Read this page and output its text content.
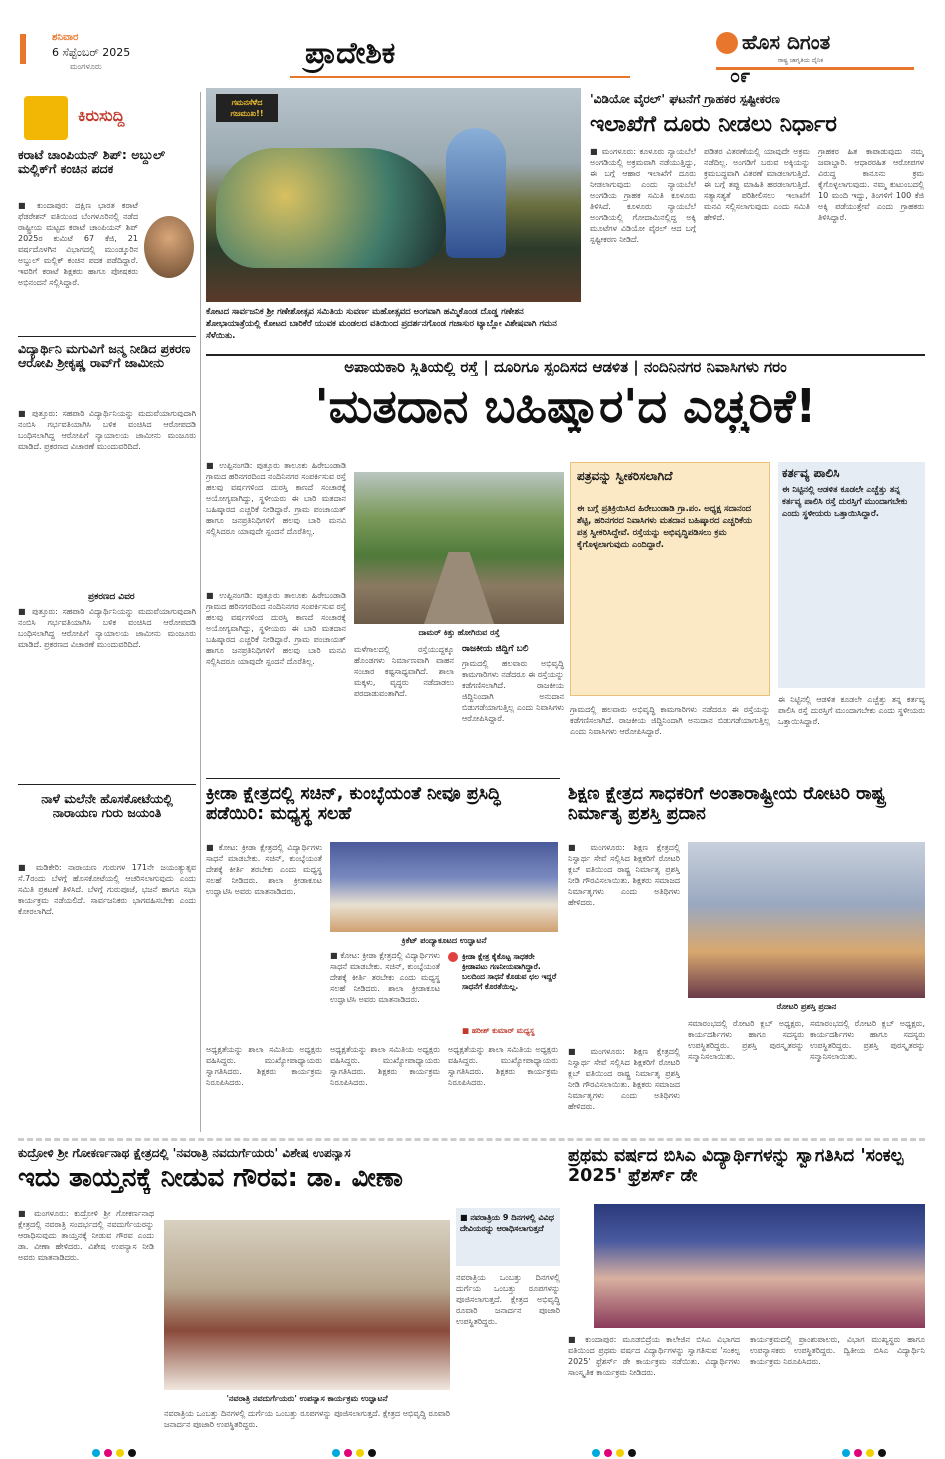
ಶನಿವಾರ
6 ಸೆಪ್ಟೆಂಬರ್ 2025
ಮಂಗಳೂರು	ಪ್ರಾದೇಶಿಕ	ಹೊಸ ದಿಗಂತ
ರಾಷ್ಟ್ರ ಜಾಗೃತಿಯ ದೈನಿಕ
೦೯
ಕಿರುಸುದ್ದಿ
ಕರಾಟೆ ಚಾಂಪಿಯನ್ ಶಿಪ್: ಅಬ್ದುಲ್ ಮಲ್ಲಿಕ್‌ಗೆ ಕಂಚಿನ ಪದಕ
■ ಕುಂದಾಪುರ: ದಕ್ಷಿಣ ಭಾರತ ಕರಾಟೆ ಫೆಡರೇಶನ್ ವತಿಯಿಂದ ಬೆಂಗಳೂರಿನಲ್ಲಿ ನಡೆದ ರಾಷ್ಟ್ರೀಯ ಮಟ್ಟದ ಕರಾಟೆ ಚಾಂಪಿಯನ್ ಶಿಪ್ 2025ರ ಕುಮಿಟೆ 67 ಕೆಜಿ, 21 ವರ್ಷದೊಳಗಿನ ವಿಭಾಗದಲ್ಲಿ ಮುಂಡ್ಕೂರಿನ ಅಬ್ದುಲ್ ಮಲ್ಲಿಕ್ ಕಂಚಿನ ಪದಕ ಪಡೆದಿದ್ದಾರೆ. ಇವರಿಗೆ ಕರಾಟೆ ಶಿಕ್ಷಕರು ಹಾಗೂ ಪೋಷಕರು ಅಭಿನಂದನೆ ಸಲ್ಲಿಸಿದ್ದಾರೆ.
ವಿದ್ಯಾರ್ಥಿನಿ ಮಗುವಿಗೆ ಜನ್ಮ ನೀಡಿದ ಪ್ರಕರಣ ಆರೋಪಿ ಶ್ರೀಕೃಷ್ಣ ರಾವ್‌ಗೆ ಜಾಮೀನು
■ ಪುತ್ತೂರು: ಸಹಪಾಠಿ ವಿದ್ಯಾರ್ಥಿನಿಯನ್ನು ಮದುವೆಯಾಗುವುದಾಗಿ ನಂಬಿಸಿ ಗರ್ಭವತಿಯಾಗಿಸಿ ಬಳಿಕ ವಂಚಿಸಿದ ಆರೋಪದಡಿ ಬಂಧಿಸಲಾಗಿದ್ದ ಆರೋಪಿಗೆ ನ್ಯಾಯಾಲಯ ಜಾಮೀನು ಮಂಜೂರು ಮಾಡಿದೆ. ಪ್ರಕರಣದ ವಿಚಾರಣೆ ಮುಂದುವರಿದಿದೆ.
ಪ್ರಕರಣದ ವಿವರ
■ ಪುತ್ತೂರು: ಸಹಪಾಠಿ ವಿದ್ಯಾರ್ಥಿನಿಯನ್ನು ಮದುವೆಯಾಗುವುದಾಗಿ ನಂಬಿಸಿ ಗರ್ಭವತಿಯಾಗಿಸಿ ಬಳಿಕ ವಂಚಿಸಿದ ಆರೋಪದಡಿ ಬಂಧಿಸಲಾಗಿದ್ದ ಆರೋಪಿಗೆ ನ್ಯಾಯಾಲಯ ಜಾಮೀನು ಮಂಜೂರು ಮಾಡಿದೆ. ಪ್ರಕರಣದ ವಿಚಾರಣೆ ಮುಂದುವರಿದಿದೆ.
ನಾಳೆ ಮಲೆನೇ ಹೊಸಕೋಟೆಯಲ್ಲಿ ನಾರಾಯಣ ಗುರು ಜಯಂತಿ
■ ಮಡಿಕೇರಿ: ನಾರಾಯಣ ಗುರುಗಳ 171ನೇ ಜಯಂತ್ಯುತ್ಸವ ಸೆ.7ರಂದು ಬೆಳಗ್ಗೆ ಹೊಸಕೋಟೆಯಲ್ಲಿ ಆಚರಿಸಲಾಗುವುದು ಎಂದು ಸಮಿತಿ ಪ್ರಕಟಣೆ ತಿಳಿಸಿದೆ. ಬೆಳಗ್ಗೆ ಗುರುಪೂಜೆ, ಭಜನೆ ಹಾಗೂ ಸಭಾ ಕಾರ್ಯಕ್ರಮ ನಡೆಯಲಿದೆ. ಸಾರ್ವಜನಿಕರು ಭಾಗವಹಿಸಬೇಕು ಎಂದು ಕೋರಲಾಗಿದೆ.
ಗಮನಸೆಳೆದ ಗಜಮುಖ!!
ಕೋಟದ ಸಾರ್ವಜನಿಕ ಶ್ರೀ ಗಣೇಶೋತ್ಸವ ಸಮಿತಿಯ ಸುವರ್ಣ ಮಹೋತ್ಸವದ ಅಂಗವಾಗಿ ಹಮ್ಮಿಕೊಂಡ ದೊಡ್ಡ ಗಣೇಶನ ಶೋಭಾಯಾತ್ರೆಯಲ್ಲಿ ಕೋಟದ ಬಾರಿಕೆರೆ ಯುವಕ ಮಂಡಲದ ವತಿಯಿಂದ ಪ್ರದರ್ಶನಗೊಂಡ ಗಜಾಸುರ ಟ್ಯಾಬ್ಲೋ ವಿಶೇಷವಾಗಿ ಗಮನ ಸೆಳೆಯಿತು.
'ವಿಡಿಯೋ ವೈರಲ್' ಘಟನೆಗೆ ಗ್ರಾಹಕರ ಸ್ಪಷ್ಟೀಕರಣ
ಇಲಾಖೆಗೆ ದೂರು ನೀಡಲು ನಿರ್ಧಾರ
■ ಮಂಗಳೂರು: ಕೂಳೂರು ನ್ಯಾಯಬೆಲೆ ಅಂಗಡಿಯಲ್ಲಿ ಅಕ್ರಮವಾಗಿ ನಡೆಯುತ್ತಿದ್ದು, ಈ ಬಗ್ಗೆ ಆಹಾರ ಇಲಾಖೆಗೆ ದೂರು ನೀಡಲಾಗುವುದು ಎಂದು ನ್ಯಾಯಬೆಲೆ ಅಂಗಡಿಯ ಗ್ರಾಹಕ ಸಮಿತಿ ಕೂಳೂರು ತಿಳಿಸಿದೆ. ಕೂಳೂರು ನ್ಯಾಯಬೆಲೆ ಅಂಗಡಿಯಲ್ಲಿ ಗೋದಾಮಿನಲ್ಲಿದ್ದ ಅಕ್ಕಿ ಮೂಟೆಗಳ ವಿಡಿಯೋ ವೈರಲ್ ಆದ ಬಗ್ಗೆ ಸ್ಪಷ್ಟೀಕರಣ ನೀಡಿದೆ.
ಪಡಿತರ ವಿತರಣೆಯಲ್ಲಿ ಯಾವುದೇ ಅಕ್ರಮ ನಡೆದಿಲ್ಲ. ಅಂಗಡಿಗೆ ಬರುವ ಅಕ್ಕಿಯನ್ನು ಕ್ರಮಬದ್ಧವಾಗಿ ವಿತರಣೆ ಮಾಡಲಾಗುತ್ತಿದೆ. ಈ ಬಗ್ಗೆ ತಪ್ಪು ಮಾಹಿತಿ ಹರಡಲಾಗುತ್ತಿದೆ. ಸತ್ಯಾಸತ್ಯತೆ ಪರಿಶೀಲಿಸಲು ಇಲಾಖೆಗೆ ಮನವಿ ಸಲ್ಲಿಸಲಾಗುವುದು ಎಂದು ಸಮಿತಿ ಹೇಳಿದೆ.
ಗ್ರಾಹಕರ ಹಿತ ಕಾಪಾಡುವುದು ನಮ್ಮ ಜವಾಬ್ದಾರಿ. ಆಧಾರರಹಿತ ಆರೋಪಗಳ ವಿರುದ್ಧ ಕಾನೂನು ಕ್ರಮ ಕೈಗೊಳ್ಳಲಾಗುವುದು. ನಮ್ಮ ಕುಟುಂಬದಲ್ಲಿ 10 ಮಂದಿ ಇದ್ದು, ತಿಂಗಳಿಗೆ 100 ಕೆಜಿ ಅಕ್ಕಿ ಪಡೆಯುತ್ತೇವೆ ಎಂದು ಗ್ರಾಹಕರು ತಿಳಿಸಿದ್ದಾರೆ.
ಅಪಾಯಕಾರಿ ಸ್ಥಿತಿಯಲ್ಲಿ ರಸ್ತೆ | ದೂರಿಗೂ ಸ್ಪಂದಿಸದ ಆಡಳಿತ | ನಂದಿನಿನಗರ ನಿವಾಸಿಗಳು ಗರಂ
'ಮತದಾನ ಬಹಿಷ್ಕಾರ'ದ ಎಚ್ಚರಿಕೆ!
■ ಉಪ್ಪಿನಂಗಡಿ: ಪುತ್ತೂರು ತಾಲೂಕು ಹಿರೇಬಂಡಾಡಿ ಗ್ರಾಮದ ಹರಿನಗರದಿಂದ ನಂದಿನಿನಗರ ಸಂಪರ್ಕಿಸುವ ರಸ್ತೆ ಹಲವು ವರ್ಷಗಳಿಂದ ದುರಸ್ತಿ ಕಾಣದೆ ಸಂಚಾರಕ್ಕೆ ಅಯೋಗ್ಯವಾಗಿದ್ದು, ಸ್ಥಳೀಯರು ಈ ಬಾರಿ ಮತದಾನ ಬಹಿಷ್ಕಾರದ ಎಚ್ಚರಿಕೆ ನೀಡಿದ್ದಾರೆ. ಗ್ರಾಮ ಪಂಚಾಯತ್ ಹಾಗೂ ಜನಪ್ರತಿನಿಧಿಗಳಿಗೆ ಹಲವು ಬಾರಿ ಮನವಿ ಸಲ್ಲಿಸಿದರೂ ಯಾವುದೇ ಸ್ಪಂದನೆ ದೊರೆತಿಲ್ಲ.
■ ಉಪ್ಪಿನಂಗಡಿ: ಪುತ್ತೂರು ತಾಲೂಕು ಹಿರೇಬಂಡಾಡಿ ಗ್ರಾಮದ ಹರಿನಗರದಿಂದ ನಂದಿನಿನಗರ ಸಂಪರ್ಕಿಸುವ ರಸ್ತೆ ಹಲವು ವರ್ಷಗಳಿಂದ ದುರಸ್ತಿ ಕಾಣದೆ ಸಂಚಾರಕ್ಕೆ ಅಯೋಗ್ಯವಾಗಿದ್ದು, ಸ್ಥಳೀಯರು ಈ ಬಾರಿ ಮತದಾನ ಬಹಿಷ್ಕಾರದ ಎಚ್ಚರಿಕೆ ನೀಡಿದ್ದಾರೆ. ಗ್ರಾಮ ಪಂಚಾಯತ್ ಹಾಗೂ ಜನಪ್ರತಿನಿಧಿಗಳಿಗೆ ಹಲವು ಬಾರಿ ಮನವಿ ಸಲ್ಲಿಸಿದರೂ ಯಾವುದೇ ಸ್ಪಂದನೆ ದೊರೆತಿಲ್ಲ.
ದಾಮರ್ ಕಿತ್ತು ಹೋಗಿರುವ ರಸ್ತೆ
ಮಳೆಗಾಲದಲ್ಲಿ ರಸ್ತೆಯುದ್ದಕ್ಕೂ ಹೊಂಡಗಳು ನಿರ್ಮಾಣವಾಗಿ ವಾಹನ ಸಂಚಾರ ಕಷ್ಟಸಾಧ್ಯವಾಗಿದೆ. ಶಾಲಾ ಮಕ್ಕಳು, ವೃದ್ಧರು ನಡೆದಾಡಲು ಪರದಾಡುವಂತಾಗಿದೆ.
ರಾಜಕೀಯ ಜಿದ್ದಿಗೆ ಬಲಿ
ಗ್ರಾಮದಲ್ಲಿ ಹಲವಾರು ಅಭಿವೃದ್ಧಿ ಕಾಮಗಾರಿಗಳು ನಡೆದರೂ ಈ ರಸ್ತೆಯನ್ನು ಕಡೆಗಣಿಸಲಾಗಿದೆ. ರಾಜಕೀಯ ಜಿದ್ದಿನಿಂದಾಗಿ ಅನುದಾನ ಬಿಡುಗಡೆಯಾಗುತ್ತಿಲ್ಲ ಎಂದು ನಿವಾಸಿಗಳು ಆರೋಪಿಸಿದ್ದಾರೆ.
ಪತ್ರವನ್ನು ಸ್ವೀಕರಿಸಲಾಗಿದೆ
ಈ ಬಗ್ಗೆ ಪ್ರತಿಕ್ರಿಯಿಸಿದ ಹಿರೇಬಂಡಾಡಿ ಗ್ರಾ.ಪಂ. ಅಧ್ಯಕ್ಷ ಸದಾನಂದ ಶೆಟ್ಟಿ, ಹರಿನಗರದ ನಿವಾಸಿಗಳು ಮತದಾನ ಬಹಿಷ್ಕಾರದ ಎಚ್ಚರಿಕೆಯ ಪತ್ರ ಸ್ವೀಕರಿಸಿದ್ದೇವೆ. ರಸ್ತೆಯನ್ನು ಅಭಿವೃದ್ಧಿಪಡಿಸಲು ಕ್ರಮ ಕೈಗೊಳ್ಳಲಾಗುವುದು ಎಂದಿದ್ದಾರೆ.
ಗ್ರಾಮದಲ್ಲಿ ಹಲವಾರು ಅಭಿವೃದ್ಧಿ ಕಾಮಗಾರಿಗಳು ನಡೆದರೂ ಈ ರಸ್ತೆಯನ್ನು ಕಡೆಗಣಿಸಲಾಗಿದೆ. ರಾಜಕೀಯ ಜಿದ್ದಿನಿಂದಾಗಿ ಅನುದಾನ ಬಿಡುಗಡೆಯಾಗುತ್ತಿಲ್ಲ ಎಂದು ನಿವಾಸಿಗಳು ಆರೋಪಿಸಿದ್ದಾರೆ.
ಕರ್ತವ್ಯ ಪಾಲಿಸಿ
ಈ ನಿಟ್ಟಿನಲ್ಲಿ ಆಡಳಿತ ಕೂಡಲೇ ಎಚ್ಚೆತ್ತು ತನ್ನ ಕರ್ತವ್ಯ ಪಾಲಿಸಿ ರಸ್ತೆ ದುರಸ್ತಿಗೆ ಮುಂದಾಗಬೇಕು ಎಂದು ಸ್ಥಳೀಯರು ಒತ್ತಾಯಿಸಿದ್ದಾರೆ.
ಈ ನಿಟ್ಟಿನಲ್ಲಿ ಆಡಳಿತ ಕೂಡಲೇ ಎಚ್ಚೆತ್ತು ತನ್ನ ಕರ್ತವ್ಯ ಪಾಲಿಸಿ ರಸ್ತೆ ದುರಸ್ತಿಗೆ ಮುಂದಾಗಬೇಕು ಎಂದು ಸ್ಥಳೀಯರು ಒತ್ತಾಯಿಸಿದ್ದಾರೆ.
ಕ್ರೀಡಾ ಕ್ಷೇತ್ರದಲ್ಲಿ ಸಚಿನ್, ಕುಂಬ್ಳೆಯಂತೆ ನೀವೂ ಪ್ರಸಿದ್ಧಿ ಪಡೆಯಿರಿ: ಮಧ್ಯಸ್ಥ ಸಲಹೆ
■ ಕೋಟ: ಕ್ರೀಡಾ ಕ್ಷೇತ್ರದಲ್ಲಿ ವಿದ್ಯಾರ್ಥಿಗಳು ಸಾಧನೆ ಮಾಡಬೇಕು. ಸಚಿನ್, ಕುಂಬ್ಳೆಯಂತೆ ದೇಶಕ್ಕೆ ಕೀರ್ತಿ ತರಬೇಕು ಎಂದು ಮಧ್ಯಸ್ಥ ಸಲಹೆ ನೀಡಿದರು. ಶಾಲಾ ಕ್ರೀಡಾಕೂಟ ಉದ್ಘಾಟಿಸಿ ಅವರು ಮಾತನಾಡಿದರು.
ಕ್ರಿಕೆಟ್ ಪಂದ್ಯಾಕೂಟದ ಉದ್ಘಾಟನೆ
■ ಕೋಟ: ಕ್ರೀಡಾ ಕ್ಷೇತ್ರದಲ್ಲಿ ವಿದ್ಯಾರ್ಥಿಗಳು ಸಾಧನೆ ಮಾಡಬೇಕು. ಸಚಿನ್, ಕುಂಬ್ಳೆಯಂತೆ ದೇಶಕ್ಕೆ ಕೀರ್ತಿ ತರಬೇಕು ಎಂದು ಮಧ್ಯಸ್ಥ ಸಲಹೆ ನೀಡಿದರು. ಶಾಲಾ ಕ್ರೀಡಾಕೂಟ ಉದ್ಘಾಟಿಸಿ ಅವರು ಮಾತನಾಡಿದರು.
ಕ್ರೀಡಾ ಕ್ಷೇತ್ರ ಕೈಕೊಟ್ಟ ಸಾಧಕರೇ ಕ್ರೀಡಾಪಟು ಗಣನೀಯವಾಗಿದ್ದಾರೆ. ಬಲದಿಂದ ಸಾಧನೆ ಕೊಡುವ ಛಲ ಇದ್ದರೆ ಸಾಧನೆಗೆ ಕೊರತೆಯಿಲ್ಲ.
■ ಹರೀಶ್ ಕುಮಾರ್ ಮಧ್ಯಸ್ಥ
ಅಧ್ಯಕ್ಷತೆಯನ್ನು ಶಾಲಾ ಸಮಿತಿಯ ಅಧ್ಯಕ್ಷರು ವಹಿಸಿದ್ದರು. ಮುಖ್ಯೋಪಾಧ್ಯಾಯರು ಸ್ವಾಗತಿಸಿದರು. ಶಿಕ್ಷಕರು ಕಾರ್ಯಕ್ರಮ ನಿರೂಪಿಸಿದರು.
ಅಧ್ಯಕ್ಷತೆಯನ್ನು ಶಾಲಾ ಸಮಿತಿಯ ಅಧ್ಯಕ್ಷರು ವಹಿಸಿದ್ದರು. ಮುಖ್ಯೋಪಾಧ್ಯಾಯರು ಸ್ವಾಗತಿಸಿದರು. ಶಿಕ್ಷಕರು ಕಾರ್ಯಕ್ರಮ ನಿರೂಪಿಸಿದರು.
ಅಧ್ಯಕ್ಷತೆಯನ್ನು ಶಾಲಾ ಸಮಿತಿಯ ಅಧ್ಯಕ್ಷರು ವಹಿಸಿದ್ದರು. ಮುಖ್ಯೋಪಾಧ್ಯಾಯರು ಸ್ವಾಗತಿಸಿದರು. ಶಿಕ್ಷಕರು ಕಾರ್ಯಕ್ರಮ ನಿರೂಪಿಸಿದರು.
ಶಿಕ್ಷಣ ಕ್ಷೇತ್ರದ ಸಾಧಕರಿಗೆ ಅಂತಾರಾಷ್ಟ್ರೀಯ ರೋಟರಿ ರಾಷ್ಟ್ರ ನಿರ್ಮಾತೃ ಪ್ರಶಸ್ತಿ ಪ್ರದಾನ
■ ಮಂಗಳೂರು: ಶಿಕ್ಷಣ ಕ್ಷೇತ್ರದಲ್ಲಿ ನಿಸ್ವಾರ್ಥ ಸೇವೆ ಸಲ್ಲಿಸಿದ ಶಿಕ್ಷಕರಿಗೆ ರೋಟರಿ ಕ್ಲಬ್ ವತಿಯಿಂದ ರಾಷ್ಟ್ರ ನಿರ್ಮಾತೃ ಪ್ರಶಸ್ತಿ ನೀಡಿ ಗೌರವಿಸಲಾಯಿತು. ಶಿಕ್ಷಕರು ಸಮಾಜದ ನಿರ್ಮಾತೃಗಳು ಎಂದು ಅತಿಥಿಗಳು ಹೇಳಿದರು.
ರೋಟರಿ ಪ್ರಶಸ್ತಿ ಪ್ರದಾನ
ಸಮಾರಂಭದಲ್ಲಿ ರೋಟರಿ ಕ್ಲಬ್ ಅಧ್ಯಕ್ಷರು, ಕಾರ್ಯದರ್ಶಿಗಳು ಹಾಗೂ ಸದಸ್ಯರು ಉಪಸ್ಥಿತರಿದ್ದರು. ಪ್ರಶಸ್ತಿ ಪುರಸ್ಕೃತರನ್ನು ಸನ್ಮಾನಿಸಲಾಯಿತು.
ಸಮಾರಂಭದಲ್ಲಿ ರೋಟರಿ ಕ್ಲಬ್ ಅಧ್ಯಕ್ಷರು, ಕಾರ್ಯದರ್ಶಿಗಳು ಹಾಗೂ ಸದಸ್ಯರು ಉಪಸ್ಥಿತರಿದ್ದರು. ಪ್ರಶಸ್ತಿ ಪುರಸ್ಕೃತರನ್ನು ಸನ್ಮಾನಿಸಲಾಯಿತು.
■ ಮಂಗಳೂರು: ಶಿಕ್ಷಣ ಕ್ಷೇತ್ರದಲ್ಲಿ ನಿಸ್ವಾರ್ಥ ಸೇವೆ ಸಲ್ಲಿಸಿದ ಶಿಕ್ಷಕರಿಗೆ ರೋಟರಿ ಕ್ಲಬ್ ವತಿಯಿಂದ ರಾಷ್ಟ್ರ ನಿರ್ಮಾತೃ ಪ್ರಶಸ್ತಿ ನೀಡಿ ಗೌರವಿಸಲಾಯಿತು. ಶಿಕ್ಷಕರು ಸಮಾಜದ ನಿರ್ಮಾತೃಗಳು ಎಂದು ಅತಿಥಿಗಳು ಹೇಳಿದರು.
ಕುದ್ರೋಳಿ ಶ್ರೀ ಗೋಕರ್ಣನಾಥ ಕ್ಷೇತ್ರದಲ್ಲಿ 'ನವರಾತ್ರಿ ನವದುರ್ಗೆಯರು' ವಿಶೇಷ ಉಪನ್ಯಾಸ
ಇದು ತಾಯ್ತನಕ್ಕೆ ನೀಡುವ ಗೌರವ: ಡಾ. ವೀಣಾ
■ ಮಂಗಳೂರು: ಕುದ್ರೋಳಿ ಶ್ರೀ ಗೋಕರ್ಣನಾಥ ಕ್ಷೇತ್ರದಲ್ಲಿ ನವರಾತ್ರಿ ಸಂದರ್ಭದಲ್ಲಿ ನವದುರ್ಗೆಯರನ್ನು ಆರಾಧಿಸುವುದು ತಾಯ್ತನಕ್ಕೆ ನೀಡುವ ಗೌರವ ಎಂದು ಡಾ. ವೀಣಾ ಹೇಳಿದರು. ವಿಶೇಷ ಉಪನ್ಯಾಸ ನೀಡಿ ಅವರು ಮಾತನಾಡಿದರು.
'ನವರಾತ್ರಿ ನವದುರ್ಗೆಯರು' ಉಪನ್ಯಾಸ ಕಾರ್ಯಕ್ರಮ ಉದ್ಘಾಟನೆ
■ ನವರಾತ್ರಿಯ 9 ದಿನಗಳಲ್ಲಿ ವಿವಿಧ ದೇವಿಯರನ್ನು ಆರಾಧಿಸಲಾಗುತ್ತದೆ
ನವರಾತ್ರಿಯ ಒಂಬತ್ತು ದಿನಗಳಲ್ಲಿ ದುರ್ಗೆಯ ಒಂಬತ್ತು ರೂಪಗಳನ್ನು ಪೂಜಿಸಲಾಗುತ್ತದೆ. ಕ್ಷೇತ್ರದ ಅಭಿವೃದ್ಧಿ ರೂವಾರಿ ಜನಾರ್ದನ ಪೂಜಾರಿ ಉಪಸ್ಥಿತರಿದ್ದರು.
ನವರಾತ್ರಿಯ ಒಂಬತ್ತು ದಿನಗಳಲ್ಲಿ ದುರ್ಗೆಯ ಒಂಬತ್ತು ರೂಪಗಳನ್ನು ಪೂಜಿಸಲಾಗುತ್ತದೆ. ಕ್ಷೇತ್ರದ ಅಭಿವೃದ್ಧಿ ರೂವಾರಿ ಜನಾರ್ದನ ಪೂಜಾರಿ ಉಪಸ್ಥಿತರಿದ್ದರು.
ಪ್ರಥಮ ವರ್ಷದ ಬಿಸಿಎ ವಿದ್ಯಾರ್ಥಿಗಳನ್ನು ಸ್ವಾಗತಿಸಿದ 'ಸಂಕಲ್ಪ 2025' ಫ್ರೆಶರ್ಸ್ ಡೇ
■ ಕುಂದಾಪುರ: ಮೂಡಬಿದ್ರೆಯ ಕಾಲೇಜಿನ ಬಿಸಿಎ ವಿಭಾಗದ ವತಿಯಿಂದ ಪ್ರಥಮ ವರ್ಷದ ವಿದ್ಯಾರ್ಥಿಗಳನ್ನು ಸ್ವಾಗತಿಸುವ 'ಸಂಕಲ್ಪ 2025' ಫ್ರೆಶರ್ಸ್ ಡೇ ಕಾರ್ಯಕ್ರಮ ನಡೆಯಿತು. ವಿದ್ಯಾರ್ಥಿಗಳು ಸಾಂಸ್ಕೃತಿಕ ಕಾರ್ಯಕ್ರಮ ನೀಡಿದರು.
ಕಾರ್ಯಕ್ರಮದಲ್ಲಿ ಪ್ರಾಂಶುಪಾಲರು, ವಿಭಾಗ ಮುಖ್ಯಸ್ಥರು ಹಾಗೂ ಉಪನ್ಯಾಸಕರು ಉಪಸ್ಥಿತರಿದ್ದರು. ದ್ವಿತೀಯ ಬಿಸಿಎ ವಿದ್ಯಾರ್ಥಿನಿ ಕಾರ್ಯಕ್ರಮ ನಿರೂಪಿಸಿದರು.
